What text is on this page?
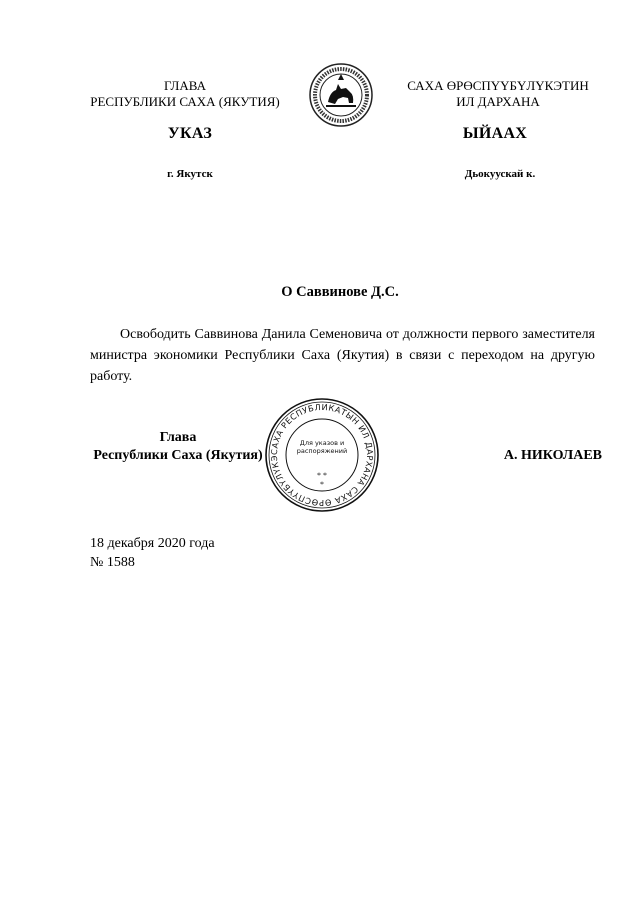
ГЛАВА
РЕСПУБЛИКИ САХА (ЯКУТИЯ)
САХА ӨРӨСПҮҮБҮЛҮКЭТИН
ИЛ ДАРХАНА
УКАЗ	ЫЙААХ
г. Якутск	Дьокуускай к.
О Саввинове Д.С.
Освободить Саввинова Данила Семеновича от должности первого заместителя министра экономики Республики Саха (Якутия) в связи с переходом на другую работу.
Глава
Республики Саха (Якутия) САХА РЕСПУБЛИКАТЫН ИЛ ДАРХАНА САХА ӨРӨСПҮҮБҮЛҮКЭ
Для указов и распоряжений
* *
*
А. НИКОЛАЕВ
18 декабря 2020 года
№ 1588
